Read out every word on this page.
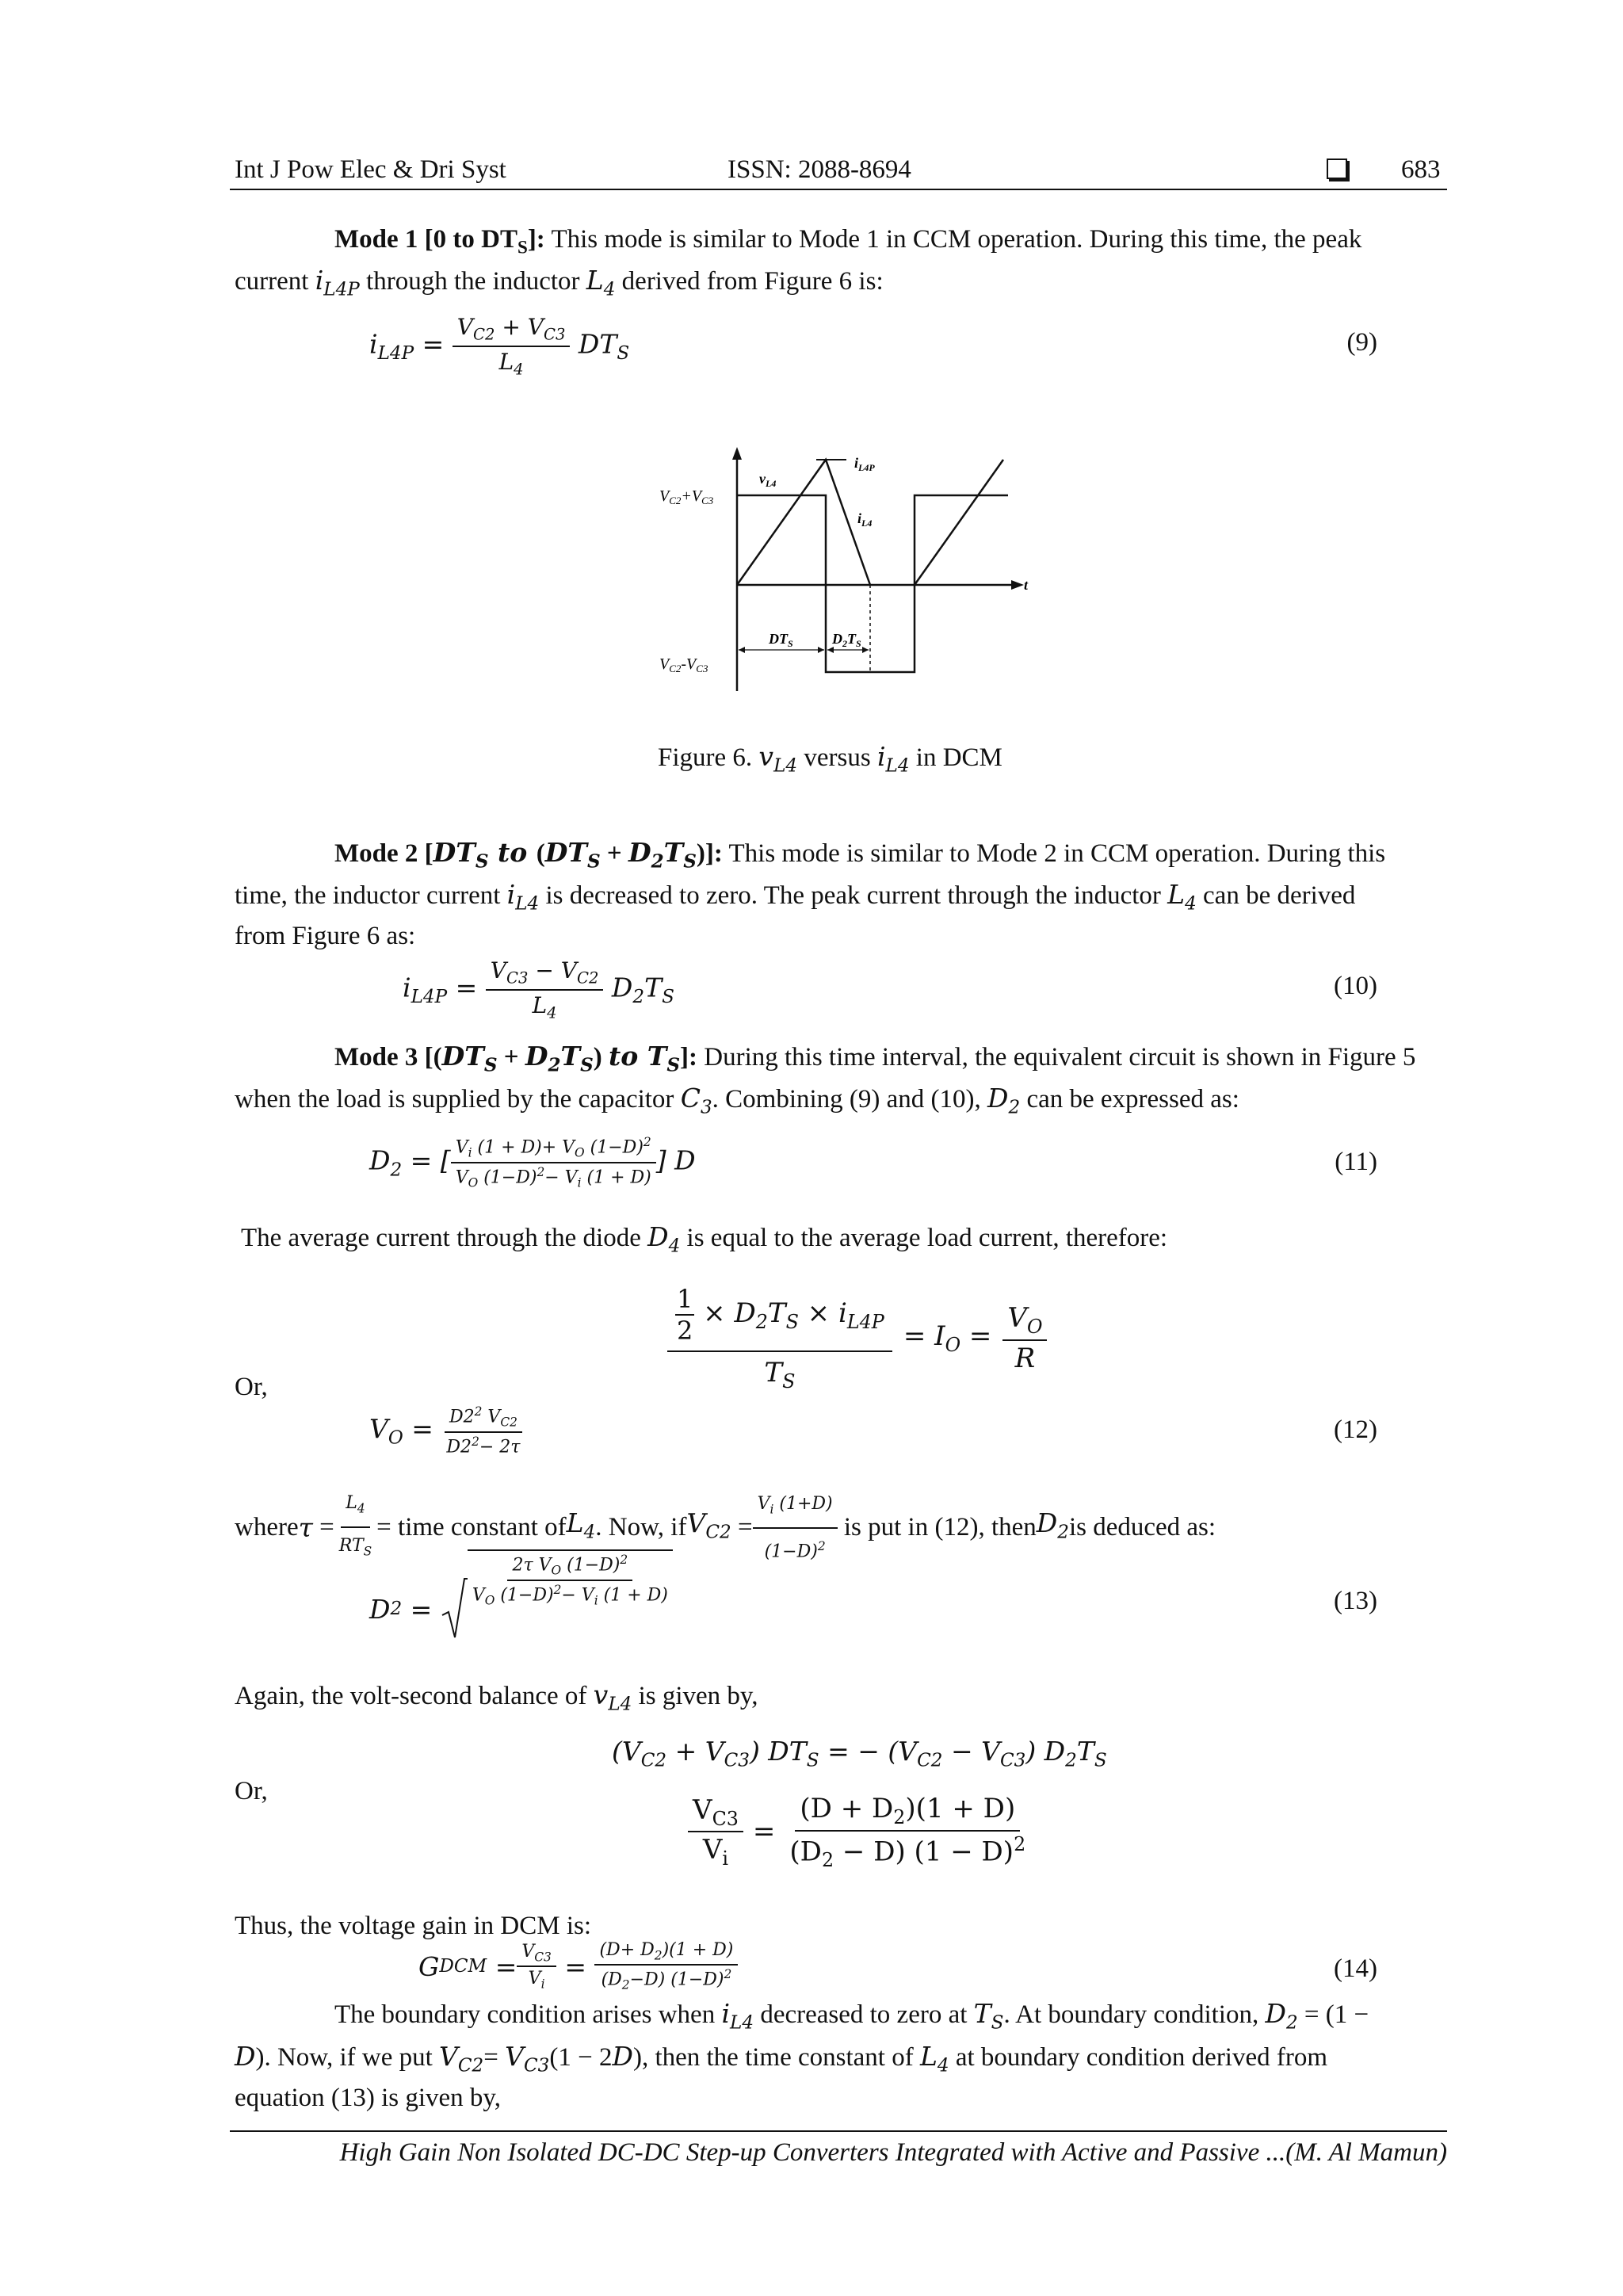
Int J Pow Elec & Dri Syst	ISSN: 2088-8694	683
Mode 1 [0 to $DT_S$]: This mode is similar to Mode 1 in CCM operation. During this time, the peak
current $i_{L4P}$ through the inductor $L_4$ derived from Figure 6 is:
$i_{L4P} = \frac{V_{C2} + V_{C3}}{L_4} DT_S$	(9)
$V_{C2}+V_{C3}$
$V_{C2}-V_{C3}$
$v_{L4}$
$i_{L4P}$
$i_{L4}$
t
$DT_S$	$D_2T_S$
Figure 6. $v_{L4}$ versus $i_{L4}$ in DCM
Mode 2 [$DT_S$ to $(DT_S + D_2T_S)$]: This mode is similar to Mode 2 in CCM operation. During this
time, the inductor current $i_{L4}$ is decreased to zero. The peak current through the inductor $L_4$ can be derived
from Figure 6 as:
$i_{L4P} = \frac{V_{C3} - V_{C2}}{L_4} D_2T_S$	(10)
Mode 3 [$(DT_S + D_2T_S)$ to $T_S$]: During this time interval, the equivalent circuit is shown in Figure 5
when the load is supplied by the capacitor $C_3$. Combining (9) and (10), $D_2$ can be expressed as:
$D_2$ = [ $\frac{V_i (1 + D)+ V_O (1-D)^2}{V_O (1-D)^2- V_i (1 + D)}$ ] D	(11)
The average current through the diode $D_4$ is equal to the average load current, therefore:
$\frac{\frac{1}{2} \times D_2T_S \times i_{L4P}}{T_S} = I_O = \frac{V_O}{R}$
Or,
$V_O = \frac{D2^2 V_{C2}}{D2^2- 2\tau}$	(12)
where $\tau = \frac{L_4}{RT_S}$ = time constant of $L_4$ . Now, if $V_{C2} = \frac{V_i (1+D)}{(1-D)^2}$
is put in (12), then $D_2$ is deduced as:
D 2 =
$\frac{2\tau V_O (1-D)^2}{V_O (1-D)^2- V_i (1 + D)}$	(13)
Again, the volt-second balance of $v_{L4}$ is given by,
$(V_{C2} + V_{C3}) DT_S$ = − $(V_{C2} - V_{C3})$ $D_2T_S$
Or,
$\frac{V_{C3}}{V_i} = \frac{(D + D_2)(1 + D)}{(D_2 - D) (1 - D)^2}$
Thus, the voltage gain in DCM is:
G DCM = $\frac{V_{C3}}{V_i} = \frac{(D+ D_2)(1 + D)}{(D_2-D) (1-D)^2}$	(14)
The boundary condition arises when $i_{L4}$ decreased to zero at $T_S$. At boundary condition, $D_2 = (1$ −
D). Now, if we put $V_{C2}= V_{C3}(1 - 2D)$, then the time constant of $L_4$ at boundary condition derived from
equation (13) is given by,
High Gain Non Isolated DC-DC Step-up Converters Integrated with Active and Passive ...(M. Al Mamun)
